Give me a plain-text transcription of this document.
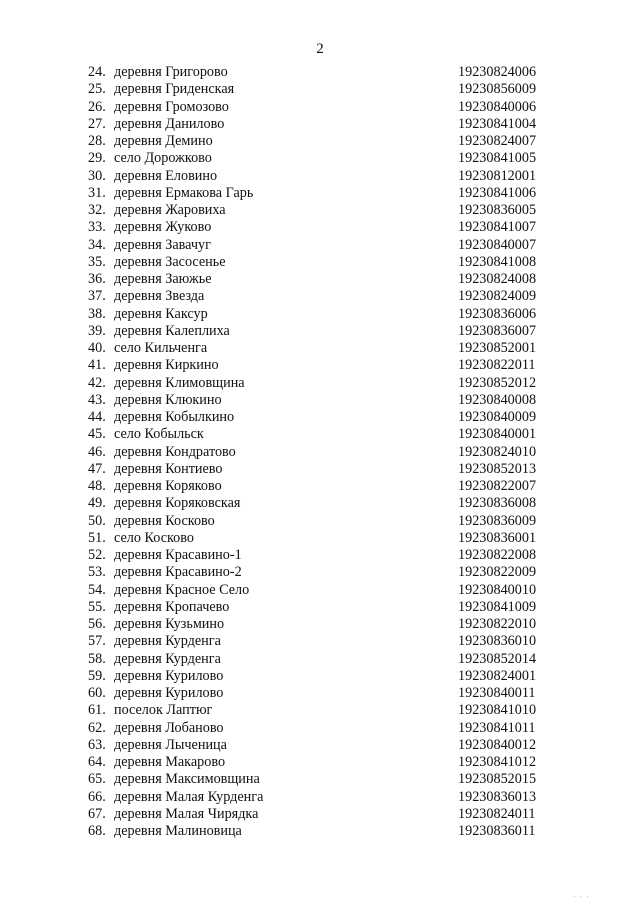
2
24. деревня Григорово	19230824006
25. деревня Гриденская	19230856009
26. деревня Громозово	19230840006
27. деревня Данилово	19230841004
28. деревня Демино	19230824007
29. село Дорожково	19230841005
30. деревня Еловино	19230812001
31. деревня Ермакова Гарь	19230841006
32. деревня Жаровиха	19230836005
33. деревня Жуково	19230841007
34. деревня Завачуг	19230840007
35. деревня Засосенье	19230841008
36. деревня Заюжье	19230824008
37. деревня Звезда	19230824009
38. деревня Каксур	19230836006
39. деревня Калеплиха	19230836007
40. село Кильченга	19230852001
41. деревня Киркино	19230822011
42. деревня Климовщина	19230852012
43. деревня Клюкино	19230840008
44. деревня Кобылкино	19230840009
45. село Кобыльск	19230840001
46. деревня Кондратово	19230824010
47. деревня Контиево	19230852013
48. деревня Коряково	19230822007
49. деревня Коряковская	19230836008
50. деревня Косково	19230836009
51. село Косково	19230836001
52. деревня Красавино-1	19230822008
53. деревня Красавино-2	19230822009
54. деревня Красное Село	19230840010
55. деревня Кропачево	19230841009
56. деревня Кузьмино	19230822010
57. деревня Курденга	19230836010
58. деревня Курденга	19230852014
59. деревня Курилово	19230824001
60. деревня Курилово	19230840011
61. поселок Лаптюг	19230841010
62. деревня Лобаново	19230841011
63. деревня Лыченица	19230840012
64. деревня Макарово	19230841012
65. деревня Максимовщина	19230852015
66. деревня Малая Курденга	19230836013
67. деревня Малая Чирядка	19230824011
68. деревня Малиновица	19230836011
' ' '
